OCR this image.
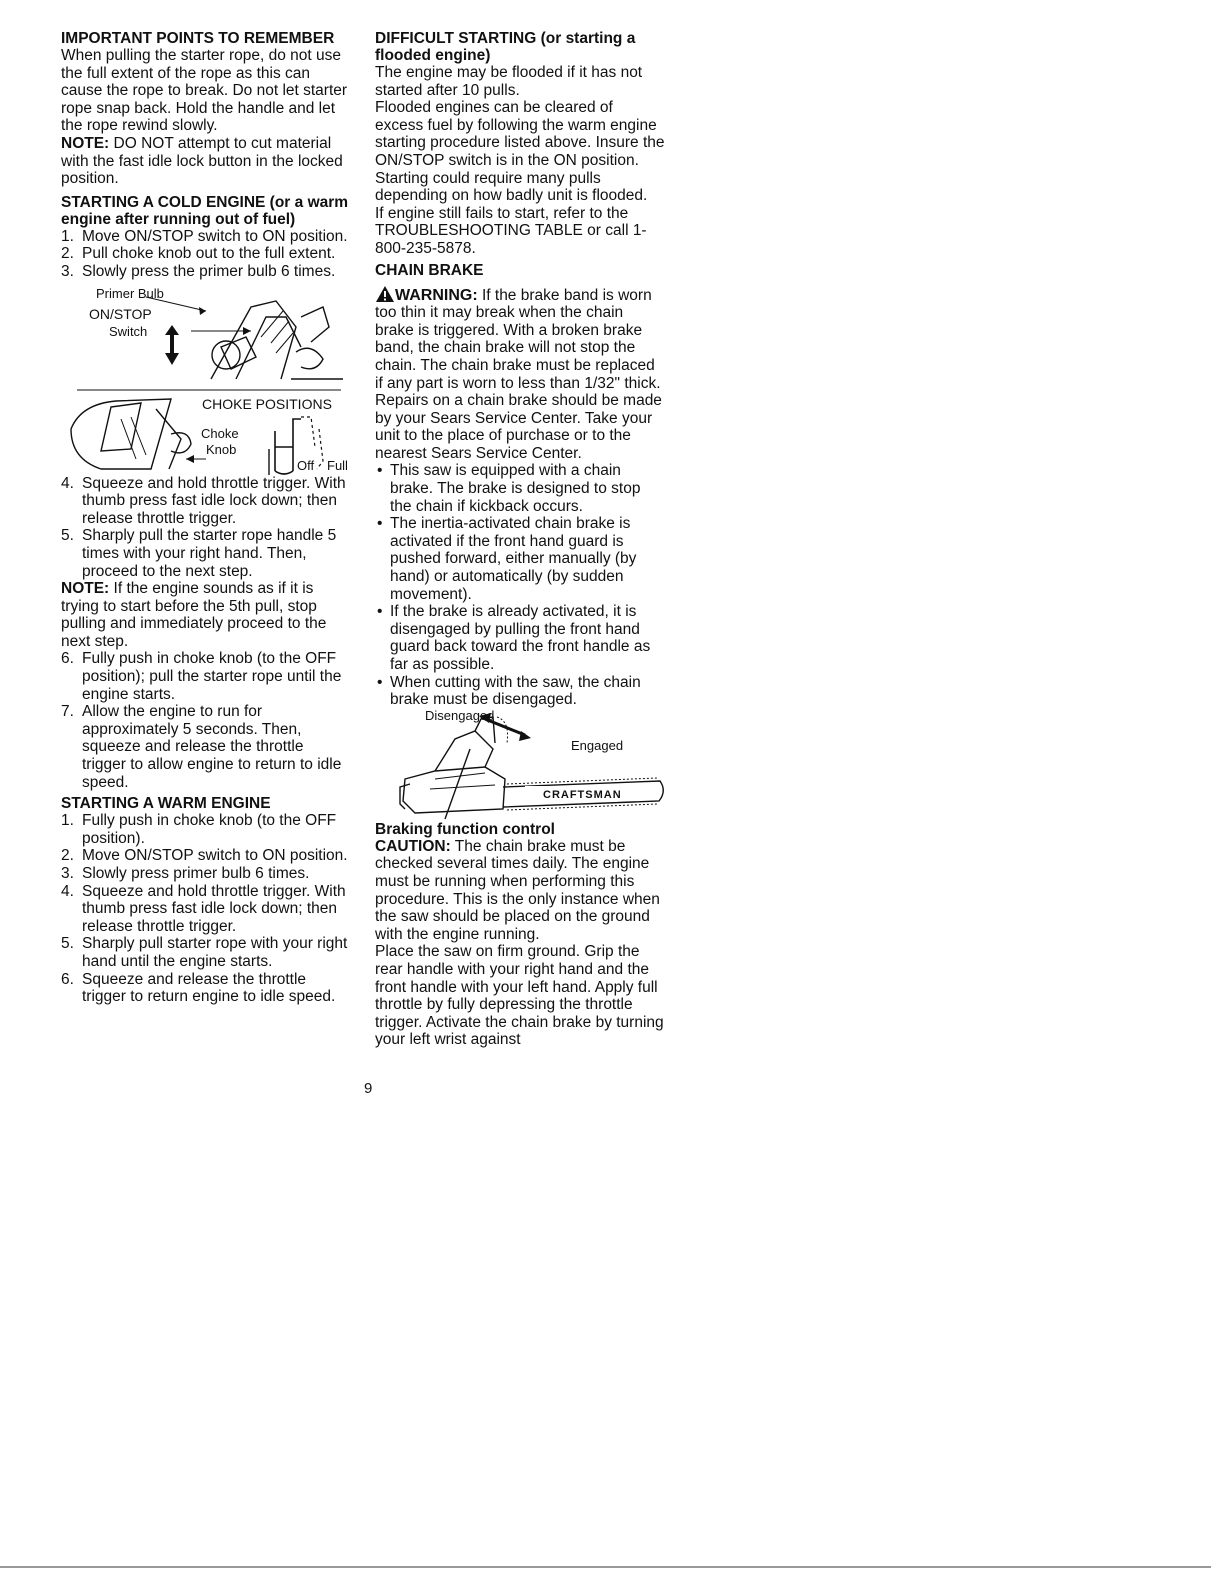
IMPORTANT POINTS TO REMEMBER

When pulling the starter rope, do not use the full extent of the rope as this can cause the rope to break. Do not let starter rope snap back. Hold the handle and let the rope rewind slowly.

NOTE: DO NOT attempt to cut material with the fast idle lock button in the locked position.

STARTING A COLD ENGINE (or a warm engine after running out of fuel)

1. Move ON/STOP switch to ON position.
2. Pull choke knob out to the full extent.
3. Slowly press the primer bulb 6 times.
Primer Bulb
ON/STOP
Switch
CHOKE POSITIONS
Choke
Knob
Off Full
4. Squeeze and hold throttle trigger. With thumb press fast idle lock down; then release throttle trigger.
5. Sharply pull the starter rope handle 5 times with your right hand. Then, proceed to the next step.

NOTE: If the engine sounds as if it is trying to start before the 5th pull, stop pulling and immediately proceed to the next step.

6. Fully push in choke knob (to the OFF position); pull the starter rope until the engine starts.
7. Allow the engine to run for approximately 5 seconds. Then, squeeze and release the throttle trigger to allow engine to return to idle speed.

STARTING A WARM ENGINE

1. Fully push in choke knob (to the OFF position).
2. Move ON/STOP switch to ON position.
3. Slowly press primer bulb 6 times.
4. Squeeze and hold throttle trigger. With thumb press fast idle lock down; then release throttle trigger.
5. Sharply pull starter rope with your right hand until the engine starts.
6. Squeeze and release the throttle trigger to return engine to idle speed.

DIFFICULT STARTING (or starting a flooded engine)

The engine may be flooded if it has not started after 10 pulls.

Flooded engines can be cleared of excess fuel by following the warm engine starting procedure listed above. Insure the ON/STOP switch is in the ON position. Starting could require many pulls depending on how badly unit is flooded.

If engine still fails to start, refer to the TROUBLESHOOTING TABLE or call 1-800-235-5878.

CHAIN BRAKE

WARNING: If the brake band is worn too thin it may break when the chain brake is triggered. With a broken brake band, the chain brake will not stop the chain. The chain brake must be replaced if any part is worn to less than 1/32" thick. Repairs on a chain brake should be made by your Sears Service Center. Take your unit to the place of purchase or to the nearest Sears Service Center.

• This saw is equipped with a chain brake. The brake is designed to stop the chain if kickback occurs.
• The inertia-activated chain brake is activated if the front hand guard is pushed forward, either manually (by hand) or automatically (by sudden movement).
• If the brake is already activated, it is disengaged by pulling the front hand guard back toward the front handle as far as possible.
• When cutting with the saw, the chain brake must be disengaged.
Disengaged
Engaged
CRAFTSMAN

Braking function control

CAUTION: The chain brake must be checked several times daily. The engine must be running when performing this procedure. This is the only instance when the saw should be placed on the ground with the engine running.

Place the saw on firm ground. Grip the rear handle with your right hand and the front handle with your left hand. Apply full throttle by fully depressing the throttle trigger. Activate the chain brake by turning your left wrist against

9
